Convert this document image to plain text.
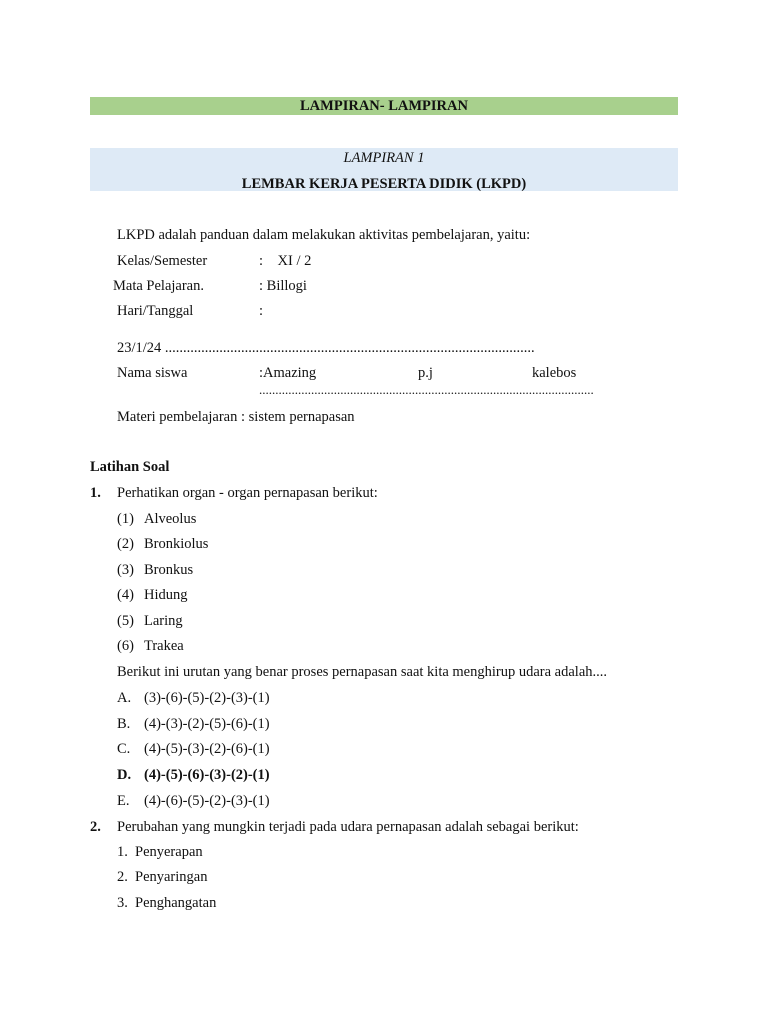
LAMPIRAN- LAMPIRAN
LAMPIRAN 1
LEMBAR KERJA PESERTA DIDIK (LKPD)
LKPD adalah panduan dalam melakukan aktivitas pembelajaran, yaitu:
Kelas/Semester	:    XI / 2
Mata Pelajaran.	: Billogi
Hari/Tanggal	:
23/1/24 ......................................................................................................
Nama siswa	:Amazing	p.j	kalebos
.......................................................................................................
Materi pembelajaran : sistem pernapasan
Latihan Soal
1. Perhatikan organ - organ pernapasan berikut:
(1) Alveolus
(2) Bronkiolus
(3) Bronkus
(4) Hidung
(5) Laring
(6) Trakea
Berikut ini urutan yang benar proses pernapasan saat kita menghirup udara adalah....
A. (3)-(6)-(5)-(2)-(3)-(1)
B. (4)-(3)-(2)-(5)-(6)-(1)
C. (4)-(5)-(3)-(2)-(6)-(1)
D. (4)-(5)-(6)-(3)-(2)-(1)
E. (4)-(6)-(5)-(2)-(3)-(1)
2. Perubahan yang mungkin terjadi pada udara pernapasan adalah sebagai berikut:
1. Penyerapan
2. Penyaringan
3. Penghangatan
